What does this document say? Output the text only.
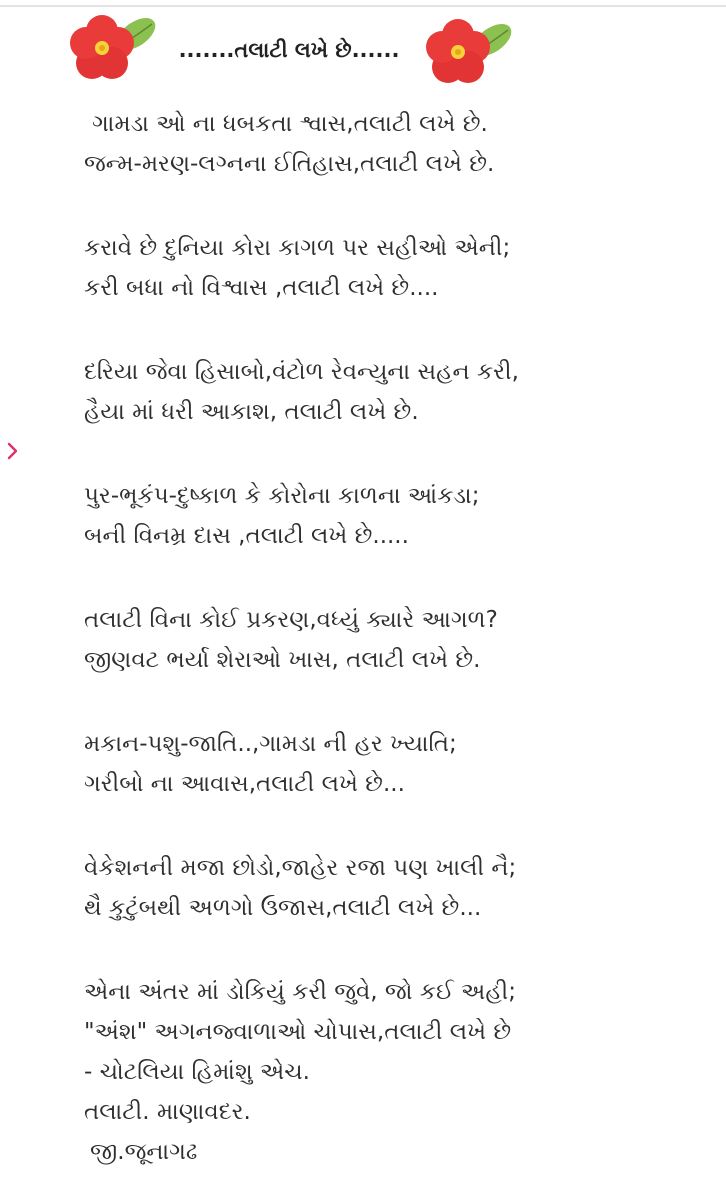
.......તલાટી લખે છે......
ગામડા ઓ ના ધબકતા શ્વાસ,તલાટી લખે છે.
જન્મ-મરણ-લગ્નના ઈતિહાસ,તલાટી લખે છે.
કરાવે છે દુનિયા કોરા કાગળ પર સહીઓ એની;
કરી બધા નો વિશ્વાસ ,તલાટી લખે છે....
દરિયા જેવા હિસાબો,વંટોળ રેવન્યુના સહન કરી,
હૈયા માં ધરી આકાશ, તલાટી લખે છે.
પુર-ભૂકંપ-દુષ્કાળ કે કોરોના કાળના આંકડા;
બની વિનમ્ર દાસ ,તલાટી લખે છે.....
તલાટી વિના કોઈ પ્રકરણ,વધ્યું ક્યારે આગળ?
જીણવટ ભર્યા શેરાઓ ખાસ, તલાટી લખે છે.
મકાન-પશુ-જાતિ..,ગામડા ની હર ખ્યાતિ;
ગરીબો ના આવાસ,તલાટી લખે છે...
વેકેશનની મજા છોડો,જાહેર રજા પણ ખાલી નૈ;
થૈ કુટુંબથી અળગો ઉજાસ,તલાટી લખે છે...
એના અંતર માં ડોકિયું કરી જુવે, જો કઈ અહી;
"અંશ" અગનજ્વાળાઓ ચોપાસ,તલાટી લખે છે
- ચોટલિયા હિમાંશુ એચ.
તલાટી. માણાવદર.
જી.જૂનાગઢ
